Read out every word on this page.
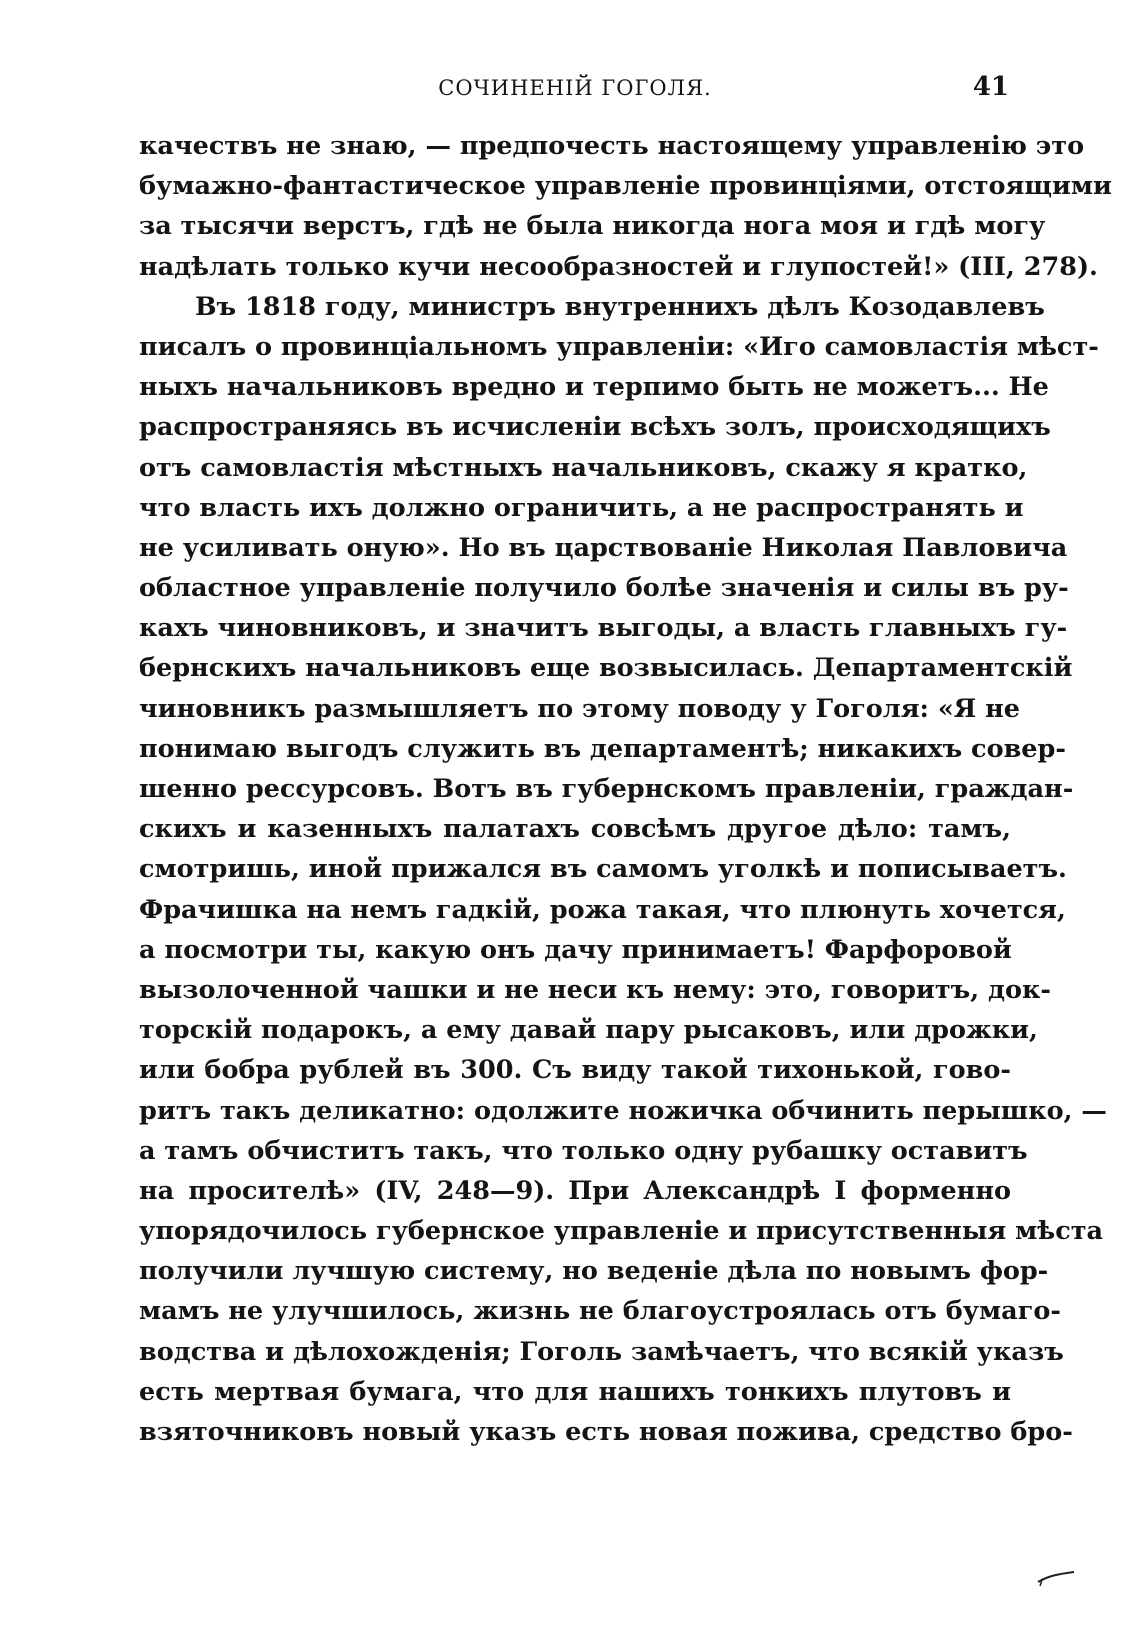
СОЧИНЕНІЙ ГОГОЛЯ.	41
качествъ не знаю, — предпочесть настоящему управленію это
бумажно-фантастическое управленіе провинціями, отстоящими
за тысячи верстъ, гдѣ не была никогда нога моя и гдѣ могу
надѣлать только кучи несообразностей и глупостей!» (III, 278).
Въ 1818 году, министръ внутреннихъ дѣлъ Козодавлевъ
писалъ о провинціальномъ управленіи: «Иго самовластія мѣст-
ныхъ начальниковъ вредно и терпимо быть не можетъ... Не
распространяясь въ исчисленіи всѣхъ золъ, происходящихъ
отъ самовластія мѣстныхъ начальниковъ, скажу я кратко,
что власть ихъ должно ограничить, а не распространять и
не усиливать оную». Но въ царствованіе Николая Павловича
областное управленіе получило болѣе значенія и силы въ ру-
кахъ чиновниковъ, и значитъ выгоды, а власть главныхъ гу-
бернскихъ начальниковъ еще возвысилась. Департаментскій
чиновникъ размышляетъ по этому поводу у Гоголя: «Я не
понимаю выгодъ служить въ департаментѣ; никакихъ совер-
шенно рессурсовъ. Вотъ въ губернскомъ правленіи, граждан-
скихъ и казенныхъ палатахъ совсѣмъ другое дѣло: тамъ,
смотришь, иной прижался въ самомъ уголкѣ и пописываетъ.
Фрачишка на немъ гадкій, рожа такая, что плюнуть хочется,
а посмотри ты, какую онъ дачу принимаетъ! Фарфоровой
вызолоченной чашки и не неси къ нему: это, говоритъ, док-
торскій подарокъ, а ему давай пару рысаковъ, или дрожки,
или бобра рублей въ 300. Съ виду такой тихонькой, гово-
ритъ такъ деликатно: одолжите ножичка обчинить перышко, —
а тамъ обчиститъ такъ, что только одну рубашку оставитъ
на просителѣ» (IV, 248—9). При Александрѣ I форменно
упорядочилось губернское управленіе и присутственныя мѣста
получили лучшую систему, но веденіе дѣла по новымъ фор-
мамъ не улучшилось, жизнь не благоустроялась отъ бумаго-
водства и дѣлохожденія; Гоголь замѣчаетъ, что всякій указъ
есть мертвая бумага, что для нашихъ тонкихъ плутовъ и
взяточниковъ новый указъ есть новая пожива, средство бро-
